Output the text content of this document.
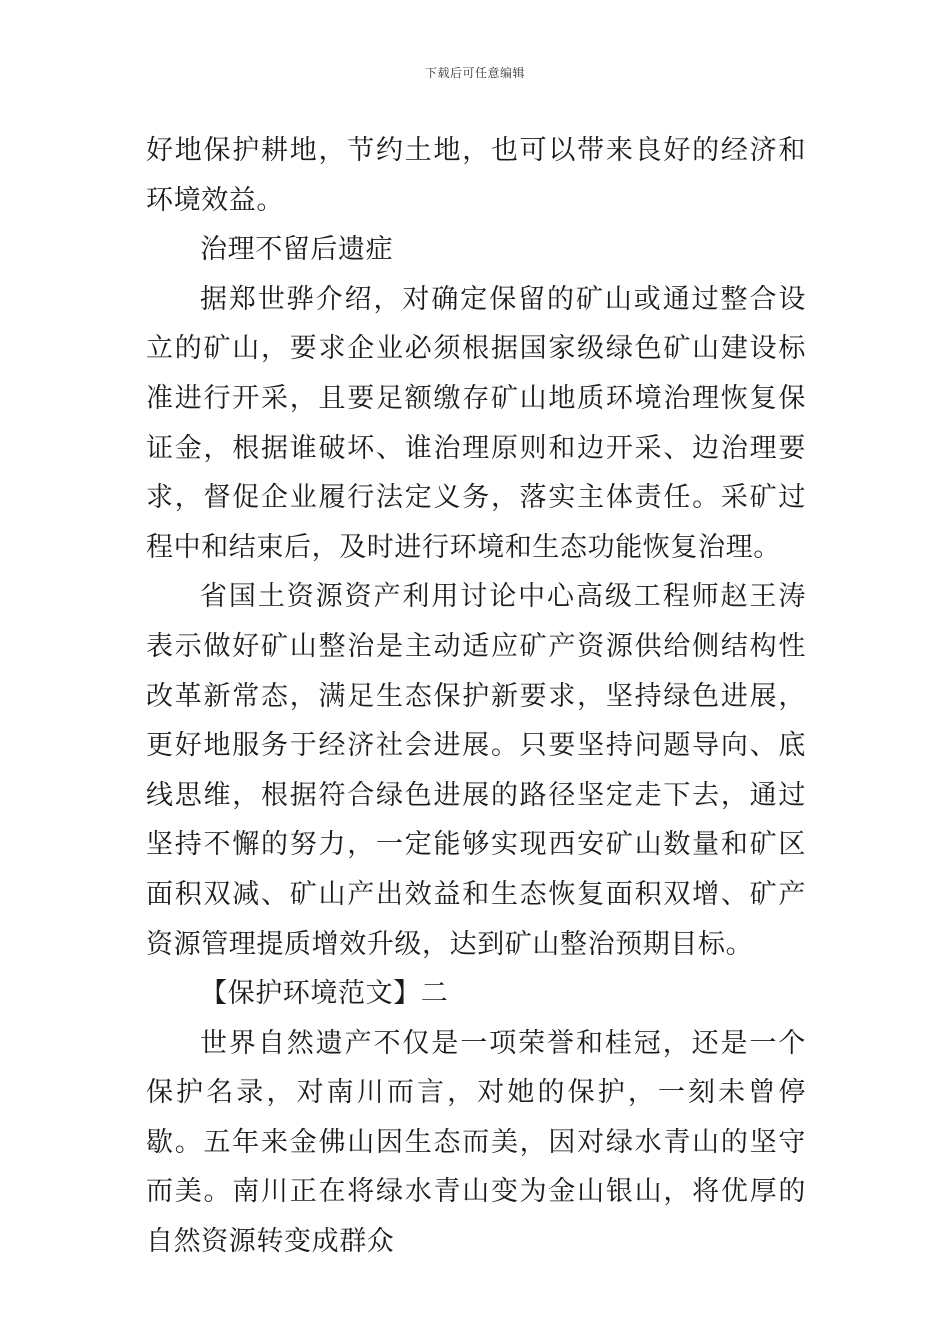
下载后可任意编辑

好地保护耕地，节约土地，也可以带来良好的经济和环境效益。

治理不留后遗症

据郑世骅介绍，对确定保留的矿山或通过整合设立的矿山，要求企业必须根据国家级绿色矿山建设标准进行开采，且要足额缴存矿山地质环境治理恢复保证金，根据谁破坏、谁治理原则和边开采、边治理要求，督促企业履行法定义务，落实主体责任。采矿过程中和结束后，及时进行环境和生态功能恢复治理。

省国土资源资产利用讨论中心高级工程师赵王涛表示做好矿山整治是主动适应矿产资源供给侧结构性改革新常态，满足生态保护新要求，坚持绿色进展，更好地服务于经济社会进展。只要坚持问题导向、底线思维，根据符合绿色进展的路径坚定走下去，通过坚持不懈的努力，一定能够实现西安矿山数量和矿区面积双减、矿山产出效益和生态恢复面积双增、矿产资源管理提质增效升级，达到矿山整治预期目标。

【保护环境范文】二

世界自然遗产不仅是一项荣誉和桂冠，还是一个保护名录，对南川而言，对她的保护，一刻未曾停歇。五年来金佛山因生态而美，因对绿水青山的坚守而美。南川正在将绿水青山变为金山银山，将优厚的自然资源转变成群众
